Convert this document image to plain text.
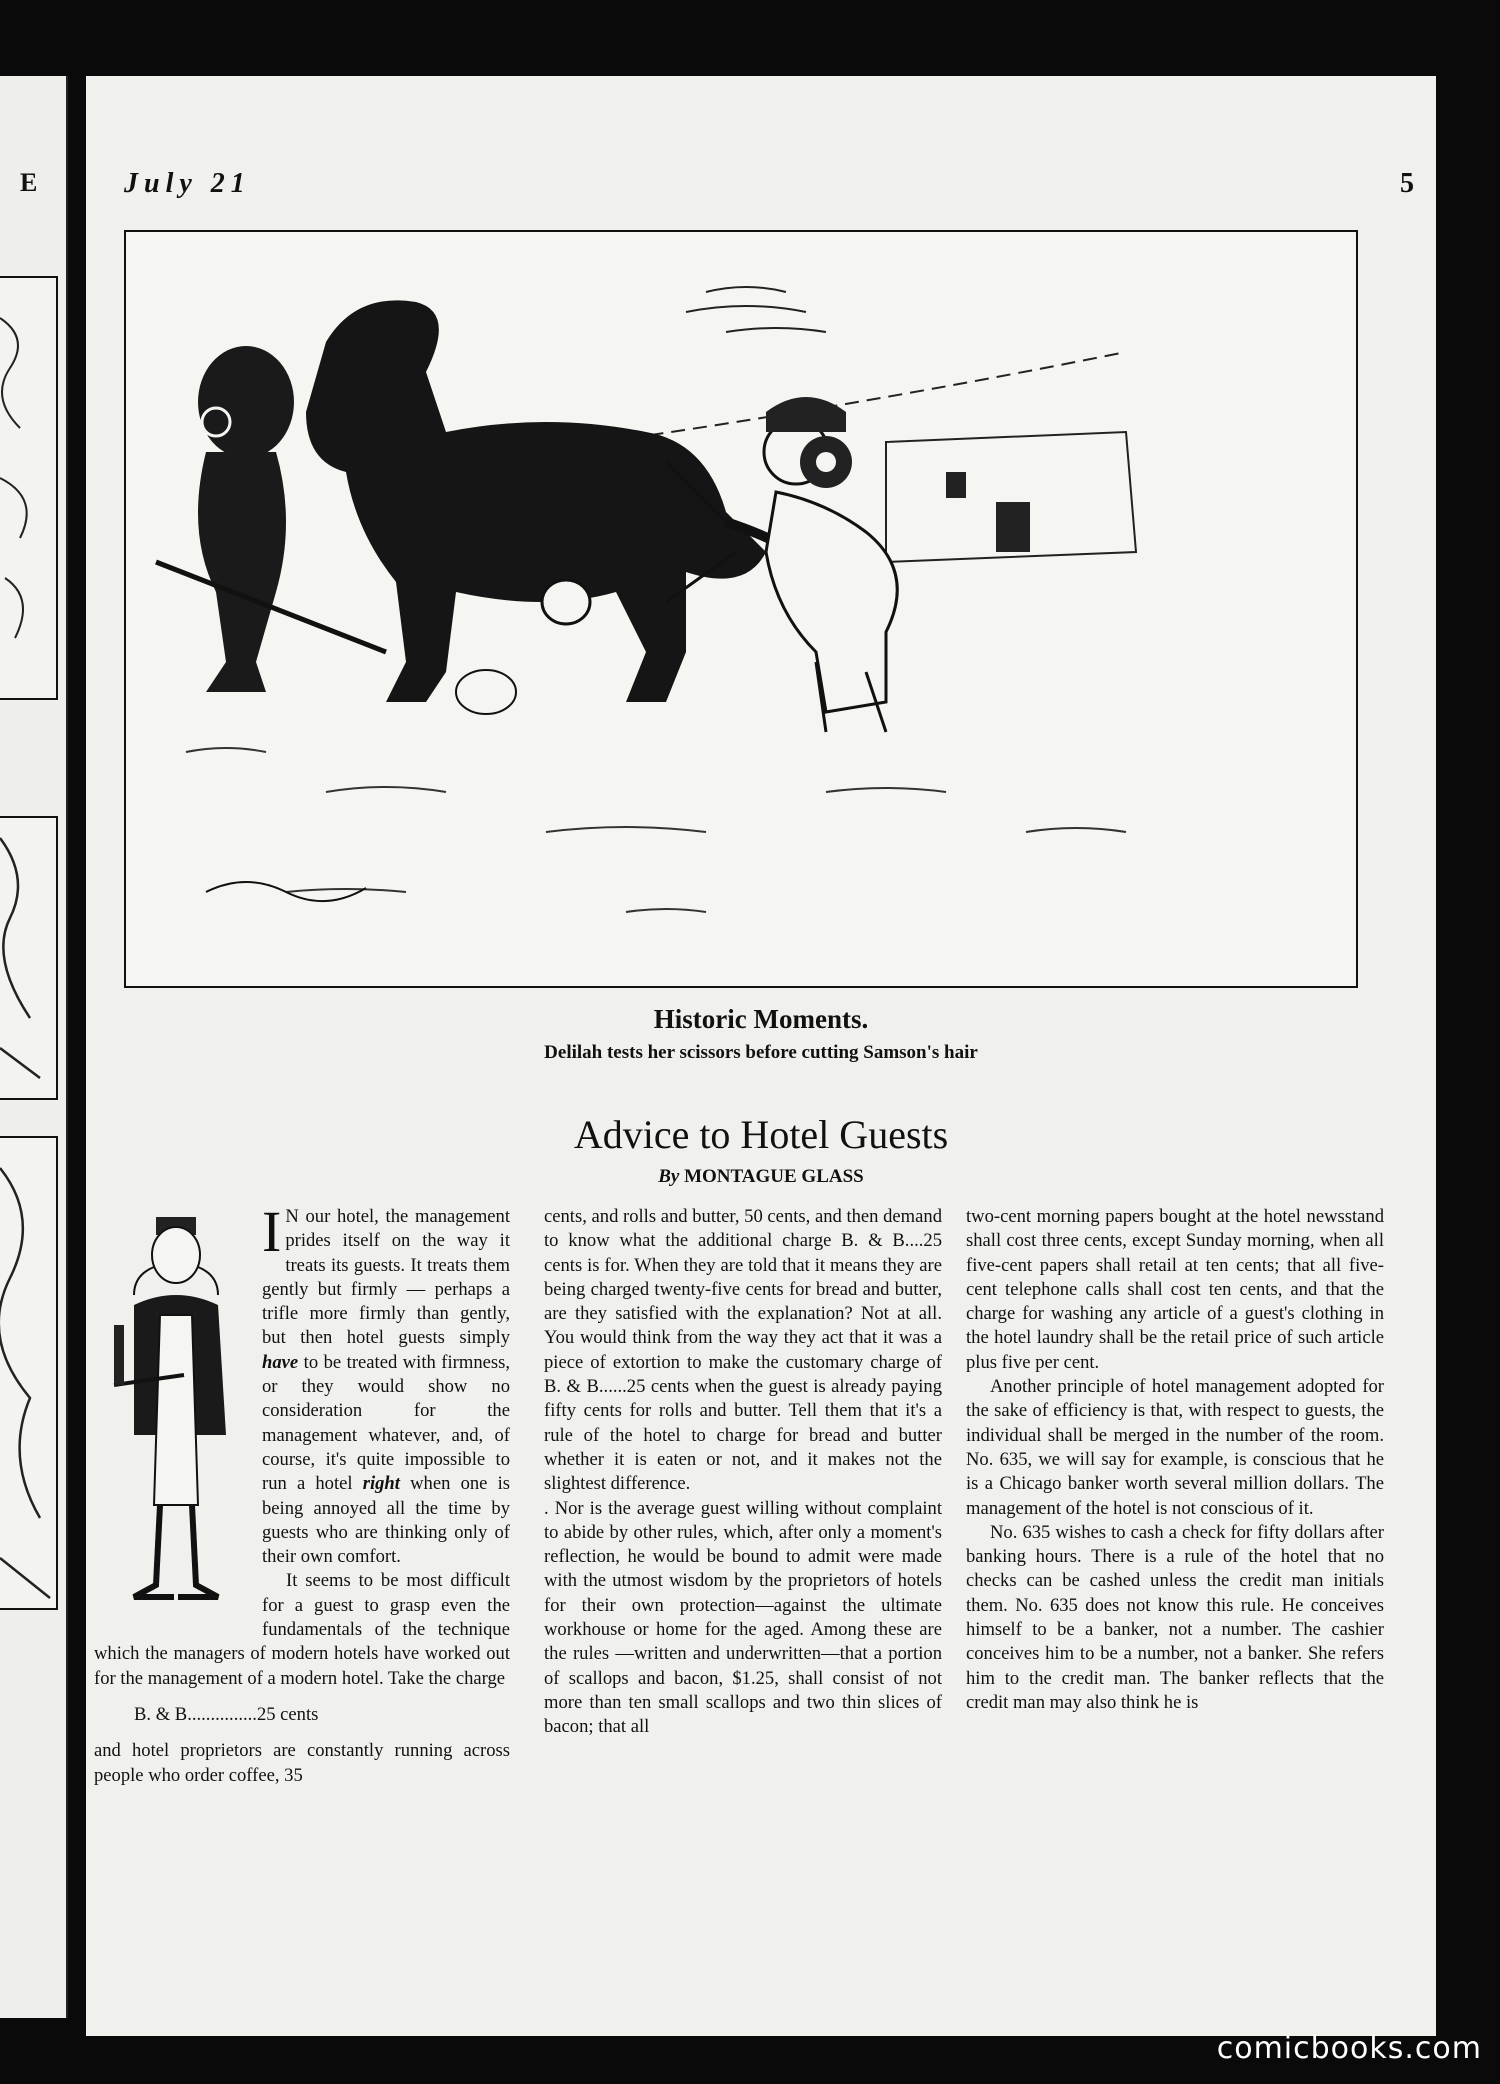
E	July 21	5
Historic Moments.
Delilah tests her scissors before cutting Samson's hair
Advice to Hotel Guests
By MONTAGUE GLASS

I N our hotel, the management prides itself on the way it treats its guests. It treats them gently but firmly — perhaps a trifle more firmly than gently, but then hotel guests simply have to be treated with firmness, or they would show no consideration for the management whatever, and, of course, it's quite impossible to run a hotel right when one is being annoyed all the time by guests who are thinking only of their own comfort.

It seems to be most difficult for a guest to grasp even the fundamentals of the technique which the managers of modern hotels have worked out for the management of a modern hotel. Take the charge

B. & B...............25 cents

and hotel proprietors are constantly running across people who order coffee, 35

cents, and rolls and butter, 50 cents, and then demand to know what the additional charge B. & B....25 cents is for. When they are told that it means they are being charged twenty-five cents for bread and butter, are they satisfied with the explanation? Not at all. You would think from the way they act that it was a piece of extortion to make the customary charge of B. & B......25 cents when the guest is already paying fifty cents for rolls and butter. Tell them that it's a rule of the hotel to charge for bread and butter whether it is eaten or not, and it makes not the slightest difference.

. Nor is the average guest willing without complaint to abide by other rules, which, after only a moment's reflection, he would be bound to admit were made with the utmost wisdom by the proprietors of hotels for their own protection—against the ultimate workhouse or home for the aged. Among these are the rules —written and underwritten—that a portion of scallops and bacon, $1.25, shall consist of not more than ten small scallops and two thin slices of bacon; that all

two-cent morning papers bought at the hotel newsstand shall cost three cents, except Sunday morning, when all five-cent papers shall retail at ten cents; that all five-cent telephone calls shall cost ten cents, and that the charge for washing any article of a guest's clothing in the hotel laundry shall be the retail price of such article plus five per cent.

Another principle of hotel management adopted for the sake of efficiency is that, with respect to guests, the individual shall be merged in the number of the room. No. 635, we will say for example, is conscious that he is a Chicago banker worth several million dollars. The management of the hotel is not conscious of it.

No. 635 wishes to cash a check for fifty dollars after banking hours. There is a rule of the hotel that no checks can be cashed unless the credit man initials them. No. 635 does not know this rule. He conceives himself to be a banker, not a number. The cashier conceives him to be a number, not a banker. She refers him to the credit man. The banker reflects that the credit man may also think he is

comicbooks.com
